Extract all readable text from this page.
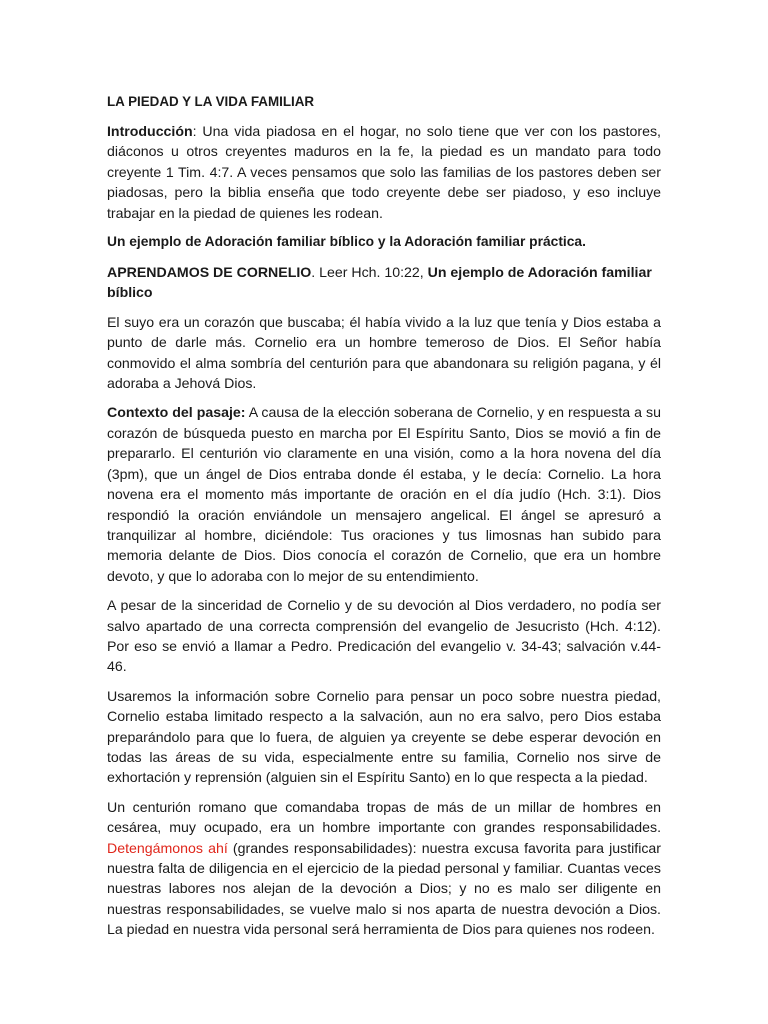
LA PIEDAD Y LA VIDA FAMILIAR

Introducción: Una vida piadosa en el hogar, no solo tiene que ver con los pastores, diáconos u otros creyentes maduros en la fe, la piedad es un mandato para todo creyente 1 Tim. 4:7. A veces pensamos que solo las familias de los pastores deben ser piadosas, pero la biblia enseña que todo creyente debe ser piadoso, y eso incluye trabajar en la piedad de quienes les rodean.

Un ejemplo de Adoración familiar bíblico y la Adoración familiar práctica.

APRENDAMOS DE CORNELIO. Leer Hch. 10:22, Un ejemplo de Adoración familiar bíblico

El suyo era un corazón que buscaba; él había vivido a la luz que tenía y Dios estaba a punto de darle más. Cornelio era un hombre temeroso de Dios. El Señor había conmovido el alma sombría del centurión para que abandonara su religión pagana, y él adoraba a Jehová Dios.

Contexto del pasaje: A causa de la elección soberana de Cornelio, y en respuesta a su corazón de búsqueda puesto en marcha por El Espíritu Santo, Dios se movió a fin de prepararlo. El centurión vio claramente en una visión, como a la hora novena del día (3pm), que un ángel de Dios entraba donde él estaba, y le decía: Cornelio. La hora novena era el momento más importante de oración en el día judío (Hch. 3:1). Dios respondió la oración enviándole un mensajero angelical. El ángel se apresuró a tranquilizar al hombre, diciéndole: Tus oraciones y tus limosnas han subido para memoria delante de Dios. Dios conocía el corazón de Cornelio, que era un hombre devoto, y que lo adoraba con lo mejor de su entendimiento.

A pesar de la sinceridad de Cornelio y de su devoción al Dios verdadero, no podía ser salvo apartado de una correcta comprensión del evangelio de Jesucristo (Hch. 4:12). Por eso se envió a llamar a Pedro. Predicación del evangelio v. 34-43; salvación v.44-46.

Usaremos la información sobre Cornelio para pensar un poco sobre nuestra piedad, Cornelio estaba limitado respecto a la salvación, aun no era salvo, pero Dios estaba preparándolo para que lo fuera, de alguien ya creyente se debe esperar devoción en todas las áreas de su vida, especialmente entre su familia, Cornelio nos sirve de exhortación y reprensión (alguien sin el Espíritu Santo) en lo que respecta a la piedad.

Un centurión romano que comandaba tropas de más de un millar de hombres en cesárea, muy ocupado, era un hombre importante con grandes responsabilidades. Detengámonos ahí (grandes responsabilidades): nuestra excusa favorita para justificar nuestra falta de diligencia en el ejercicio de la piedad personal y familiar. Cuantas veces nuestras labores nos alejan de la devoción a Dios; y no es malo ser diligente en nuestras responsabilidades, se vuelve malo si nos aparta de nuestra devoción a Dios. La piedad en nuestra vida personal será herramienta de Dios para quienes nos rodeen.
